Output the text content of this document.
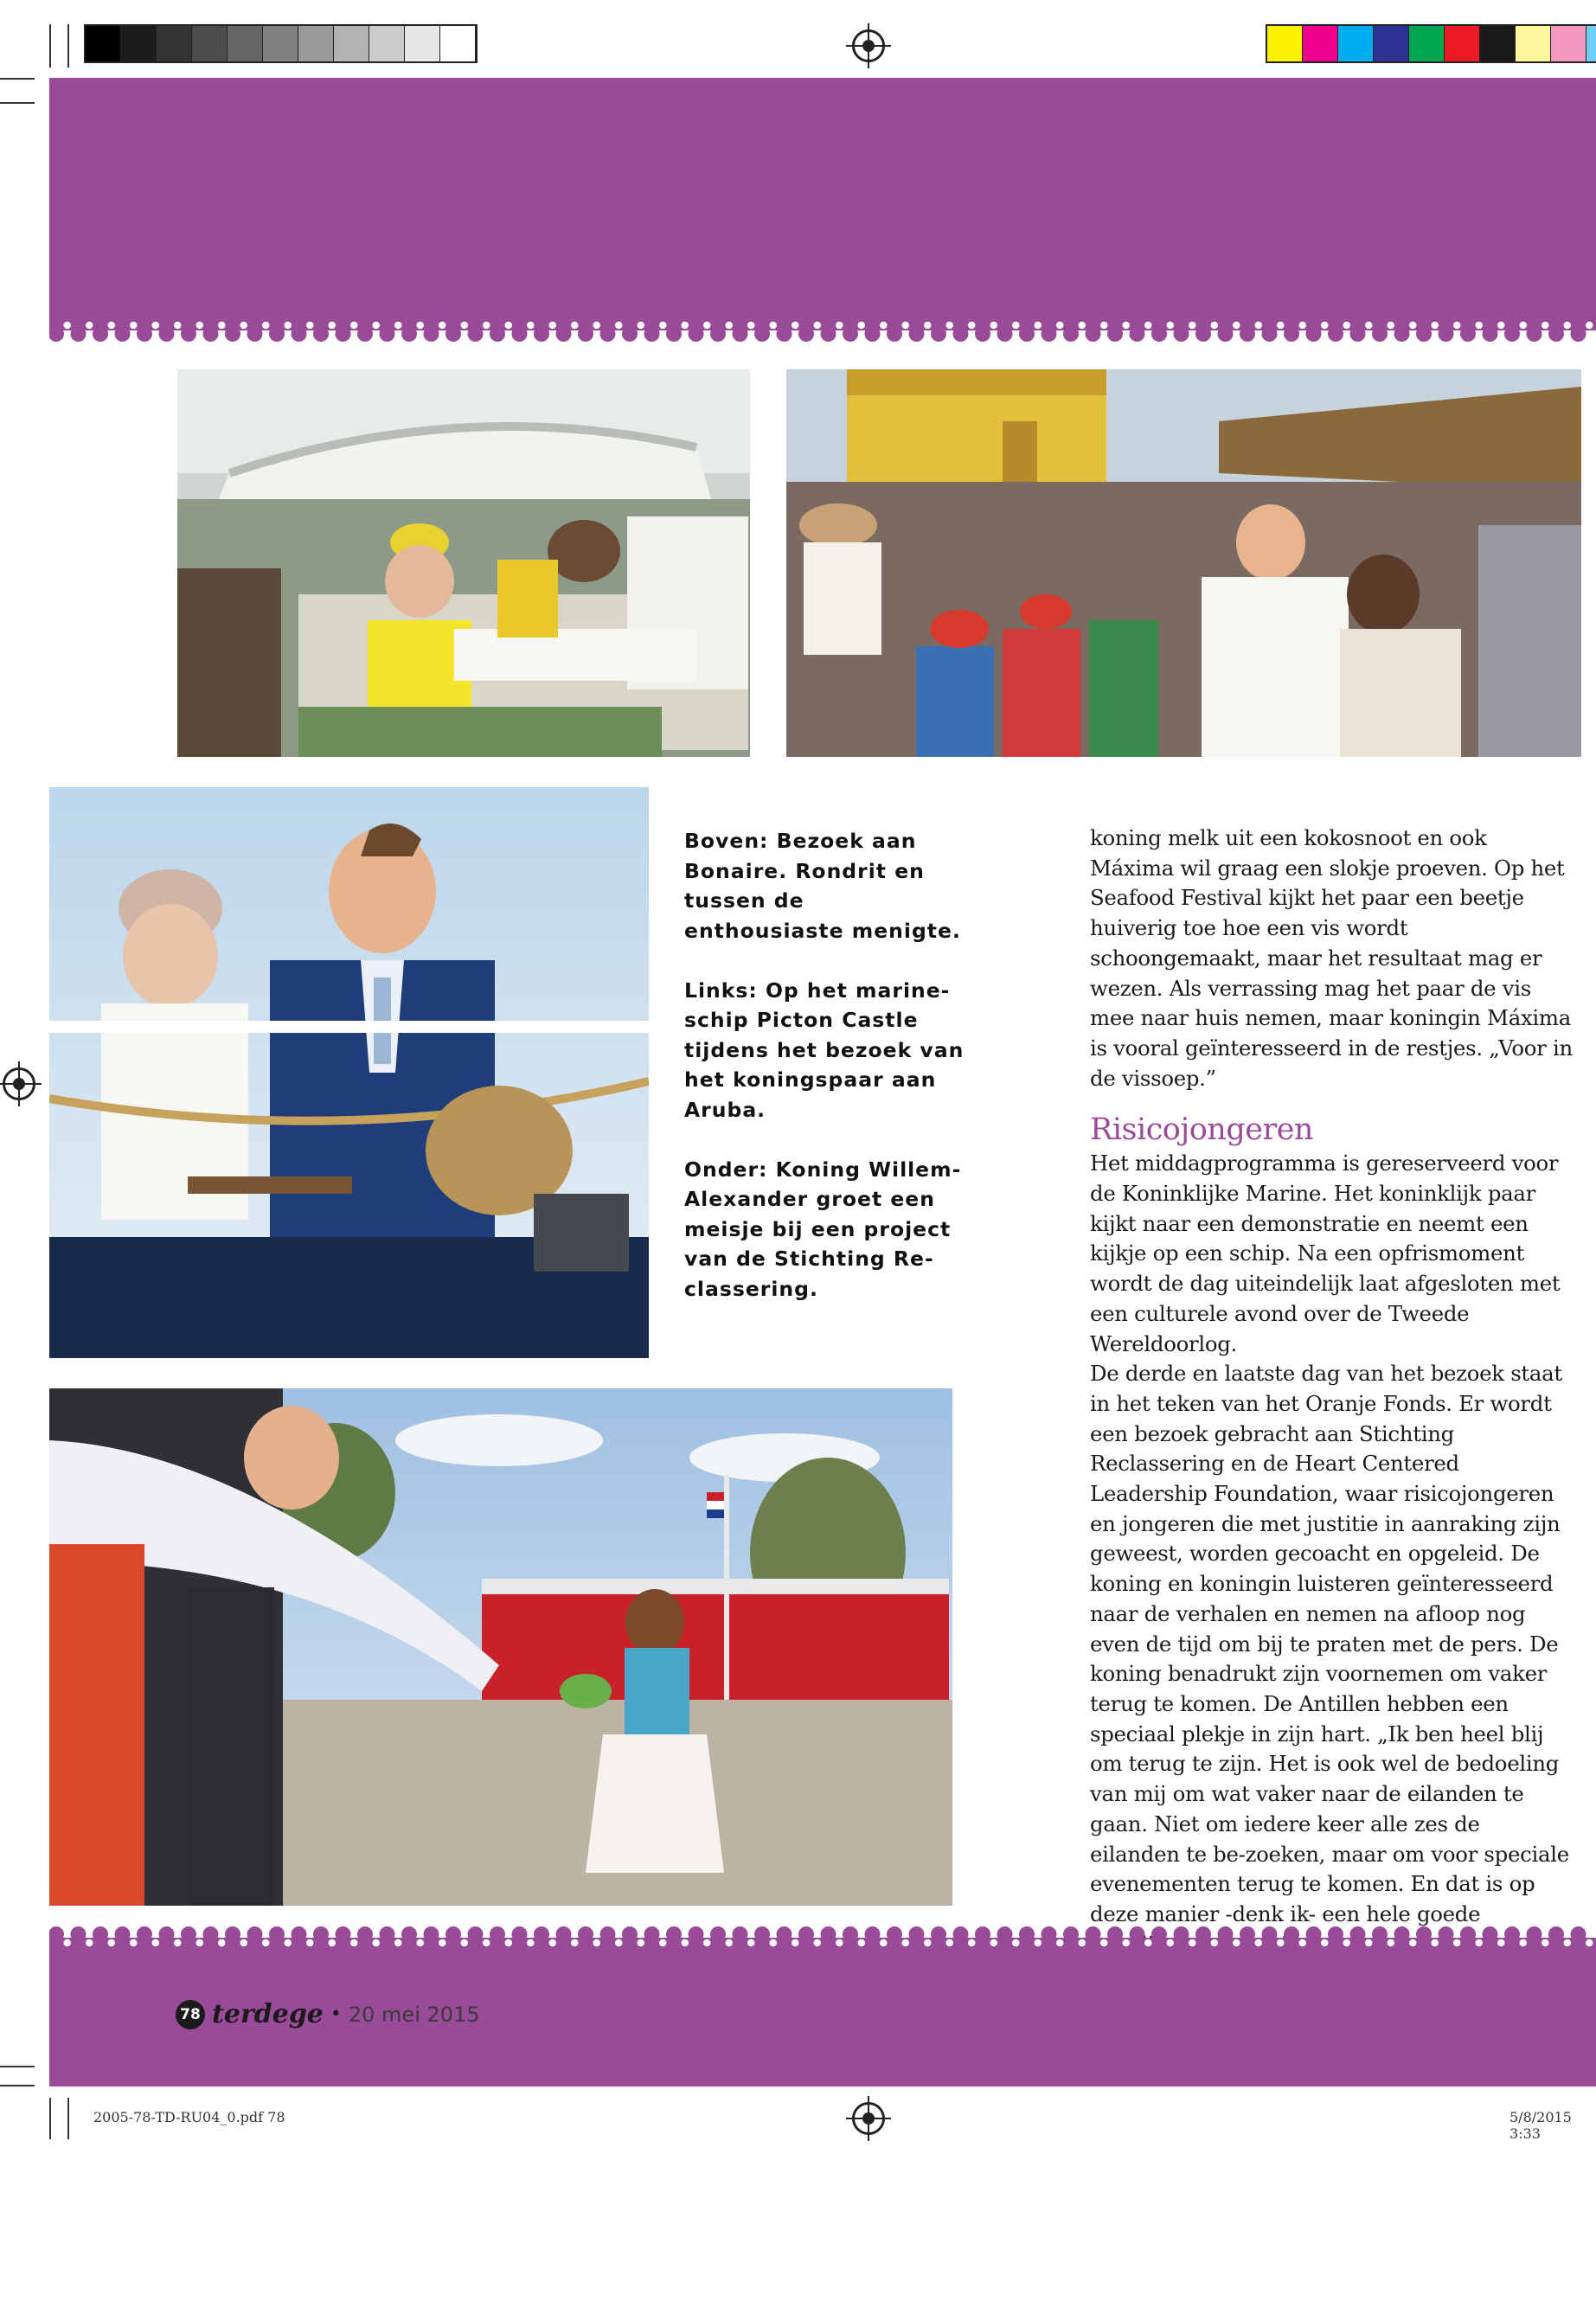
Boven: Bezoek aan Bonaire. Rondrit en tussen de enthousiaste menigte.

Links: Op het marine-schip Picton Castle tijdens het bezoek van het koningspaar aan Aruba.

Onder: Koning Willem-Alexander groet een meisje bij een project van de Stichting Re-classering.

koning melk uit een kokosnoot en ook Máxima wil graag een slokje proeven. Op het Seafood Festival kijkt het paar een beetje huiverig toe hoe een vis wordt schoongemaakt, maar het resultaat mag er wezen. Als verrassing mag het paar de vis mee naar huis nemen, maar koningin Máxima is vooral geïnteresseerd in de restjes. „Voor in de vissoep.”

Risicojongeren

Het middagprogramma is gereserveerd voor de Koninklijke Marine. Het koninklijk paar kijkt naar een demonstratie en neemt een kijkje op een schip. Na een opfrismoment wordt de dag uiteindelijk laat afgesloten met een culturele avond over de Tweede Wereldoorlog.

De derde en laatste dag van het bezoek staat in het teken van het Oranje Fonds. Er wordt een bezoek gebracht aan Stichting Reclassering en de Heart Centered Leadership Foundation, waar risicojongeren en jongeren die met justitie in aanraking zijn geweest, worden gecoacht en opgeleid. De koning en koningin luisteren geïnteresseerd naar de verhalen en nemen na afloop nog even de tijd om bij te praten met de pers. De koning benadrukt zijn voornemen om vaker terug te komen. De Antillen hebben een speciaal plekje in zijn hart. „Ik ben heel blij om terug te zijn. Het is ook wel de bedoeling van mij om wat vaker naar de eilanden te gaan. Niet om iedere keer alle zes de eilanden te be-zoeken, maar om voor speciale evenementen terug te komen. En dat is op deze manier -denk ik- een hele goede

78 terdege • 20 mei 2015
2005-78-TD-RU04_0.pdf 78	5/8/2015 3:33
